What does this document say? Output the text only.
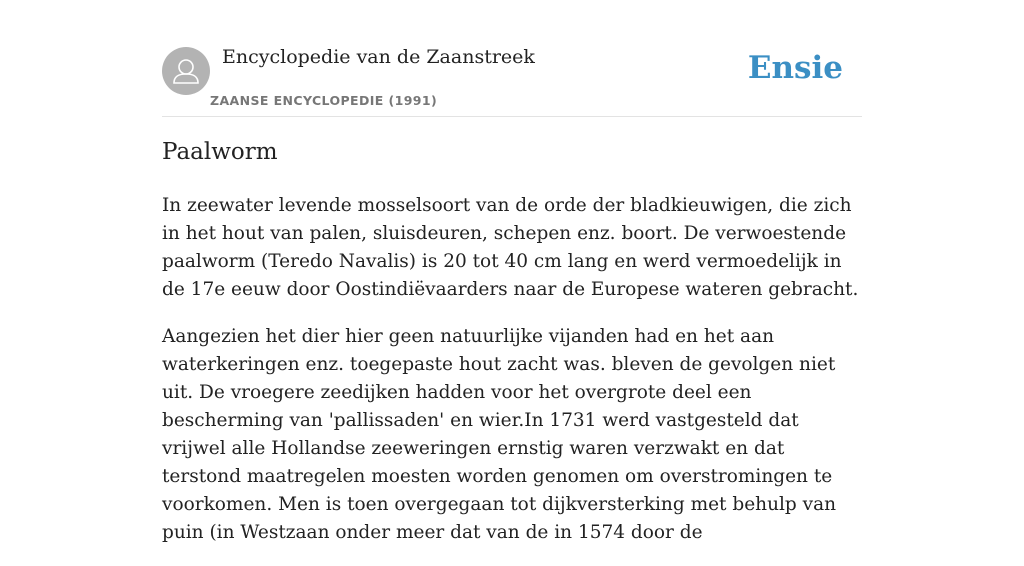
Encyclopedie van de Zaanstreek
ZAANSE ENCYCLOPEDIE (1991)
Ensie
Paalworm

In zeewater levende mosselsoort van de orde der bladkieuwigen, die zich in het hout van palen, sluisdeuren, schepen enz. boort. De verwoestende paalworm (Teredo Navalis) is 20 tot 40 cm lang en werd vermoedelijk in de 17e eeuw door Oostindiëvaarders naar de Europese wateren gebracht.

Aangezien het dier hier geen natuurlijke vijanden had en het aan waterkeringen enz. toegepaste hout zacht was. bleven de gevolgen niet uit. De vroegere zeedijken hadden voor het overgrote deel een bescherming van 'pallissaden' en wier.In 1731 werd vastgesteld dat vrijwel alle Hollandse zeeweringen ernstig waren verzwakt en dat terstond maatregelen moesten worden genomen om overstromingen te voorkomen. Men is toen overgegaan tot dijkversterking met behulp van puin (in Westzaan onder meer dat van de in 1574 door de
